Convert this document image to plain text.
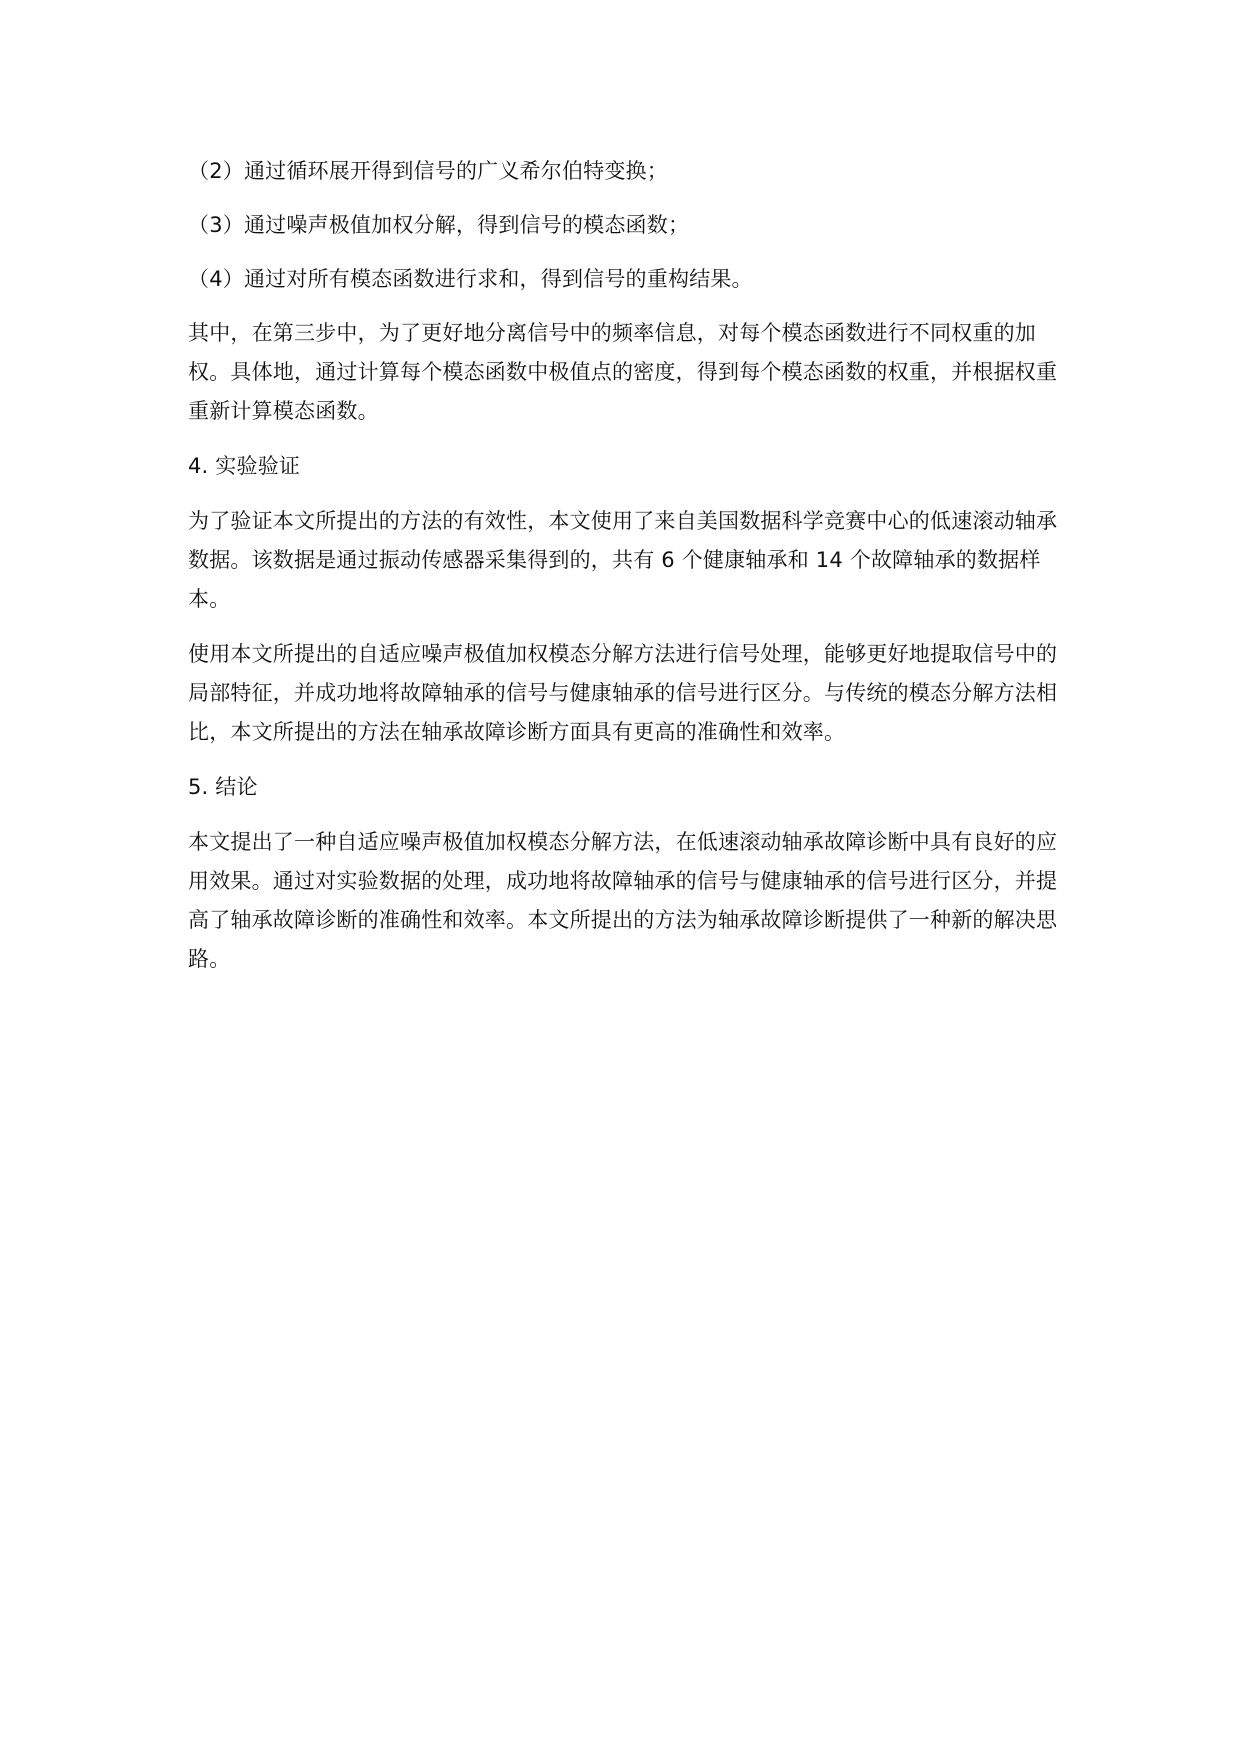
（2）通过循环展开得到信号的广义希尔伯特变换；

（3）通过噪声极值加权分解，得到信号的模态函数；

（4）通过对所有模态函数进行求和，得到信号的重构结果。

其中，在第三步中，为了更好地分离信号中的频率信息，对每个模态函数进行不同权重的加权。具体地，通过计算每个模态函数中极值点的密度，得到每个模态函数的权重，并根据权重重新计算模态函数。

4. 实验验证

为了验证本文所提出的方法的有效性，本文使用了来自美国数据科学竞赛中心的低速滚动轴承数据。该数据是通过振动传感器采集得到的，共有 6 个健康轴承和 14 个故障轴承的数据样本。

使用本文所提出的自适应噪声极值加权模态分解方法进行信号处理，能够更好地提取信号中的局部特征，并成功地将故障轴承的信号与健康轴承的信号进行区分。与传统的模态分解方法相比，本文所提出的方法在轴承故障诊断方面具有更高的准确性和效率。

5. 结论

本文提出了一种自适应噪声极值加权模态分解方法，在低速滚动轴承故障诊断中具有良好的应用效果。通过对实验数据的处理，成功地将故障轴承的信号与健康轴承的信号进行区分，并提高了轴承故障诊断的准确性和效率。本文所提出的方法为轴承故障诊断提供了一种新的解决思路。
